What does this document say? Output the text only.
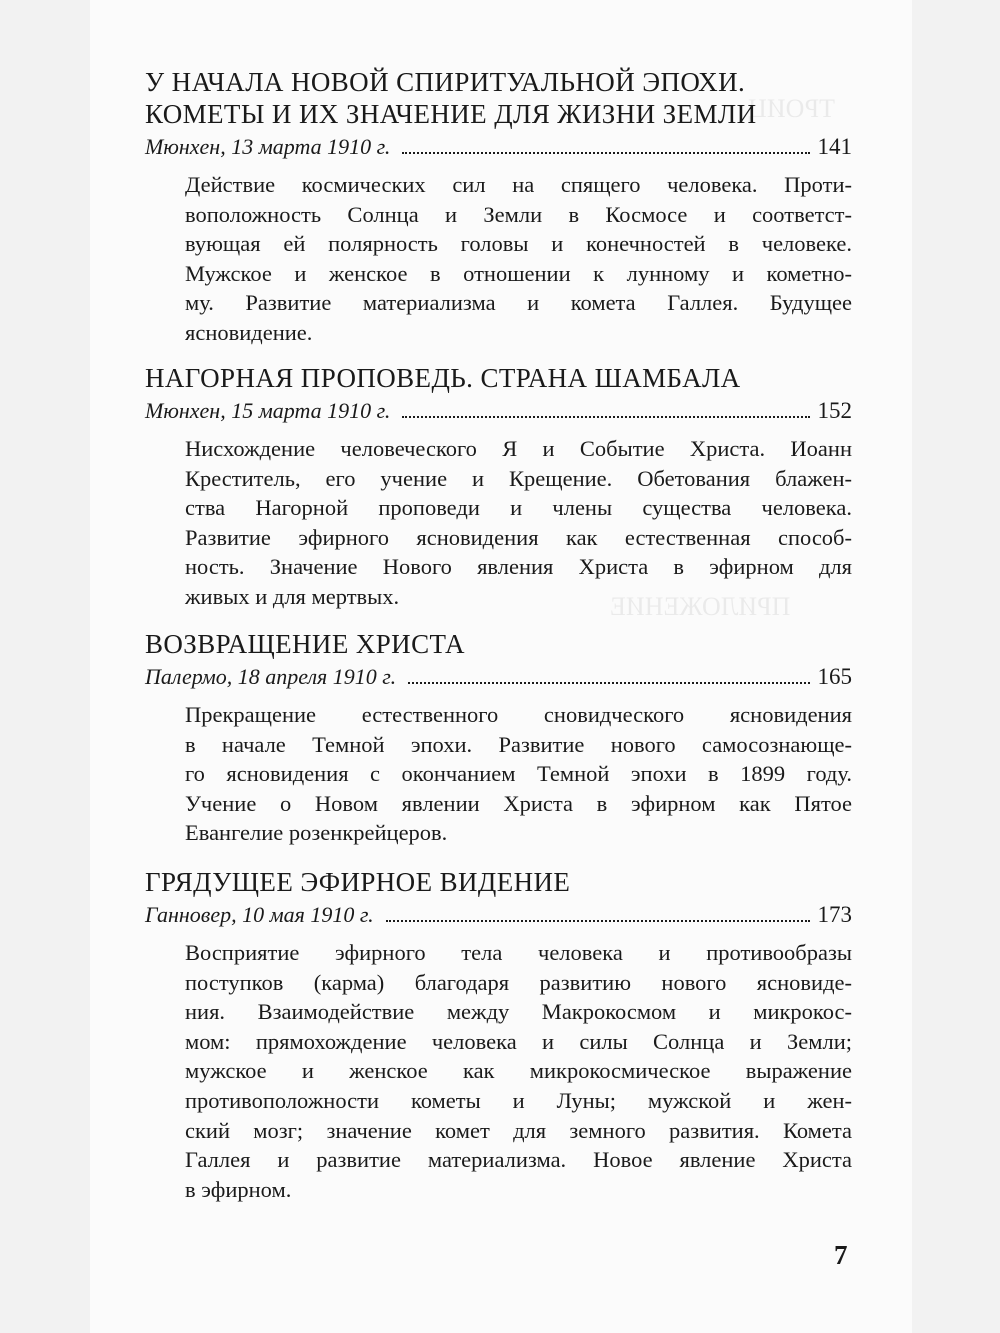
ТРОИЦ
ПРИЛОЖЕНИЕ
У НАЧАЛА НОВОЙ СПИРИТУАЛЬНОЙ ЭПОХИ.
КОМЕТЫ И ИХ ЗНАЧЕНИЕ ДЛЯ ЖИЗНИ ЗЕМЛИ
Мюнхен, 13 марта 1910 г.	141
Действие космических сил на спящего человека. Проти-
воположность Солнца и Земли в Космосе и соответст-
вующая ей полярность головы и конечностей в человеке.
Мужское и женское в отношении к лунному и кометно-
му. Развитие материализма и комета Галлея. Будущее
ясновидение.
НАГОРНАЯ ПРОПОВЕДЬ. СТРАНА ШАМБАЛА
Мюнхен, 15 марта 1910 г.	152
Нисхождение человеческого Я и Событие Христа. Иоанн
Креститель, его учение и Крещение. Обетования блажен-
ства Нагорной проповеди и члены существа человека.
Развитие эфирного ясновидения как естественная способ-
ность. Значение Нового явления Христа в эфирном для
живых и для мертвых.
ВОЗВРАЩЕНИЕ ХРИСТА
Палермо, 18 апреля 1910 г.	165
Прекращение естественного сновидческого ясновидения
в начале Темной эпохи. Развитие нового самосознающе-
го ясновидения с окончанием Темной эпохи в 1899 году.
Учение о Новом явлении Христа в эфирном как Пятое
Евангелие розенкрейцеров.
ГРЯДУЩЕЕ ЭФИРНОЕ ВИДЕНИЕ
Ганновер, 10 мая 1910 г.	173
Восприятие эфирного тела человека и противообразы
поступков (карма) благодаря развитию нового ясновиде-
ния. Взаимодействие между Макрокосмом и микрокос-
мом: прямохождение человека и силы Солнца и Земли;
мужское и женское как микрокосмическое выражение
противоположности кометы и Луны; мужской и жен-
ский мозг; значение комет для земного развития. Комета
Галлея и развитие материализма. Новое явление Христа
в эфирном.
7
